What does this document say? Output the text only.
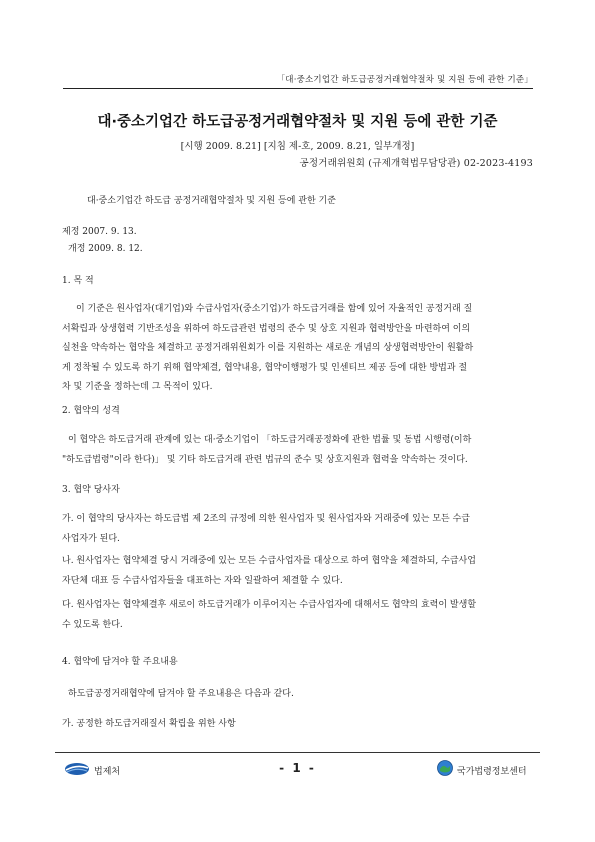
「대·중소기업간 하도급공정거래협약절차 및 지원 등에 관한 기준」
대·중소기업간 하도급공정거래협약절차 및 지원 등에 관한 기준
[시행 2009. 8.21] [지침 제-호, 2009. 8.21, 일부개정]
공정거래위원회 (규제개혁법무담당관) 02-2023-4193
대·중소기업간 하도급 공정거래협약절차 및 지원 등에 관한 기준
제정 2007. 9. 13.
개정 2009. 8. 12.
1. 목 적
이 기준은 원사업자(대기업)와 수급사업자(중소기업)가 하도급거래를 함에 있어 자율적인 공정거래 질
서확립과 상생협력 기반조성을 위하여 하도급관련 법령의 준수 및 상호 지원과 협력방안을 마련하여 이의
실천을 약속하는 협약을 체결하고 공정거래위원회가 이를 지원하는 새로운 개념의 상생협력방안이 원활하
게 정착될 수 있도록 하기 위해 협약체결, 협약내용, 협약이행평가 및 인센티브 제공 등에 대한 방법과 절
차 및 기준을 정하는데 그 목적이 있다.
2. 협약의 성격
이 협약은 하도급거래 관계에 있는 대·중소기업이 「하도급거래공정화에 관한 법률 및 동법 시행령(이하
"하도급법령"이라 한다)」 및 기타 하도급거래 관련 법규의 준수 및 상호지원과 협력을 약속하는 것이다.
3. 협약 당사자
가. 이 협약의 당사자는 하도급법 제 2조의 규정에 의한 원사업자 및 원사업자와 거래중에 있는 모든 수급
사업자가 된다.
나. 원사업자는 협약체결 당시 거래중에 있는 모든 수급사업자를 대상으로 하여 협약을 체결하되, 수급사업
자단체 대표 등 수급사업자들을 대표하는 자와 일괄하여 체결할 수 있다.
다. 원사업자는 협약체결후 새로이 하도급거래가 이루어지는 수급사업자에 대해서도 협약의 효력이 발생할
수 있도록 한다.
4. 협약에 담겨야 할 주요내용
하도급공정거래협약에 담겨야 할 주요내용은 다음과 같다.
가. 공정한 하도급거래질서 확립을 위한 사항
법제처	- 1 -	국가법령정보센터
